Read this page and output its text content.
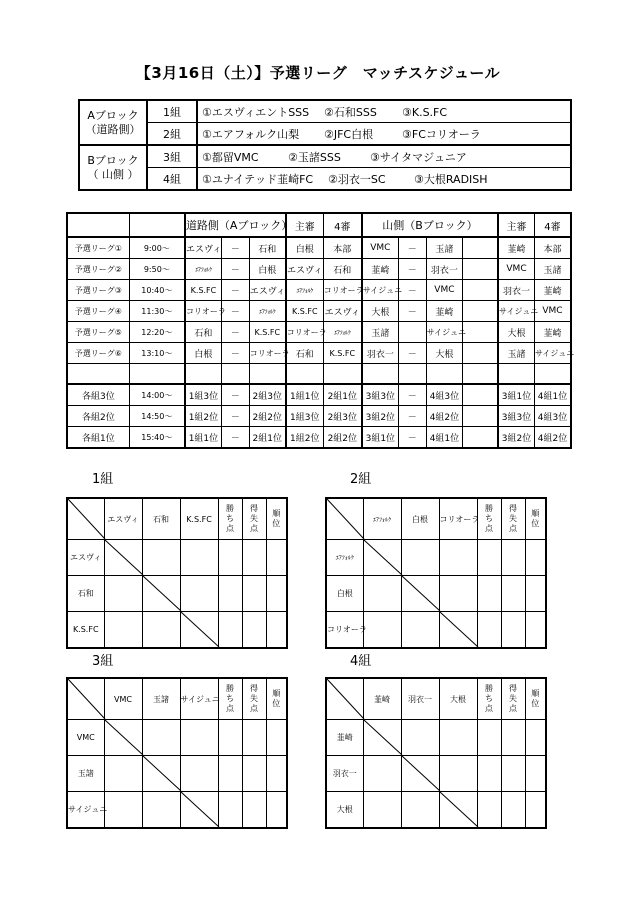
【3月16日（土）】予選リーグ　マッチスケジュール
Aブロック
（道路側）	1組	①エスヴィエントSSS ②石和SSS ③K.S.FC
	2組	①エアフォルク山梨 ②JFC白根 ③FCコリオーラ

Bブロック
（ 山側 ）	3組	①都留VMC ②玉諸SSS ③サイタマジュニア
	4組	①ユナイテッド韮崎FC ②羽衣一SC ③大根RADISH
		道路側（Aブロック）			主審	4審	山側（Bブロック）				主審	4審
予選リーグ①	9:00～	エスヴィ	－	石和	白根	本部	VMC	－	玉諸		韮崎	本部
予選リーグ②	9:50～	ｴｱﾌｫﾙｸ	－	白根	エスヴィ	石和	韮崎	－	羽衣一		VMC	玉諸
予選リーグ③	10:40～	K.S.FC	－	エスヴィ	ｴｱﾌｫﾙｸ	コリオーラ	サイジュニ	－	VMC		羽衣一	韮崎
予選リーグ④	11:30～	コリオーラ	－	ｴｱﾌｫﾙｸ	K.S.FC	エスヴィ	大根	－	韮崎		サイジュニ	VMC
予選リーグ⑤	12:20～	石和	－	K.S.FC	コリオーラ	ｴｱﾌｫﾙｸ	玉諸		サイジュニ		大根	韮崎
予選リーグ⑥	13:10～	白根	－	コリオーラ	石和	K.S.FC	羽衣一	－	大根		玉諸	サイジュニ

各組3位	14:00～	1組3位	－	2組3位	1組1位	2組1位	3組3位	－	4組3位		3組1位	4組1位
各組2位	14:50～	1組2位	－	2組2位	1組3位	2組3位	3組2位	－	4組2位		3組3位	4組3位
各組1位	15:40～	1組1位	－	2組1位	1組2位	2組2位	3組1位	－	4組1位		3組2位	4組2位
1組	2組
3組	4組
	エスヴィ	石和	K.S.FC	勝ち点	得失点	順位
エスヴィ	

石和		

K.S.FC			

	ｴｱﾌｫﾙｸ	白根	コリオーラ	勝ち点	得失点	順位
ｴｱﾌｫﾙｸ	

白根		

コリオーラ			

	VMC	玉諸	サイジュニ	勝ち点	得失点	順位
VMC	

玉諸		

サイジュニ			

	韮崎	羽衣一	大根	勝ち点	得失点	順位
韮崎	

羽衣一		

大根			
